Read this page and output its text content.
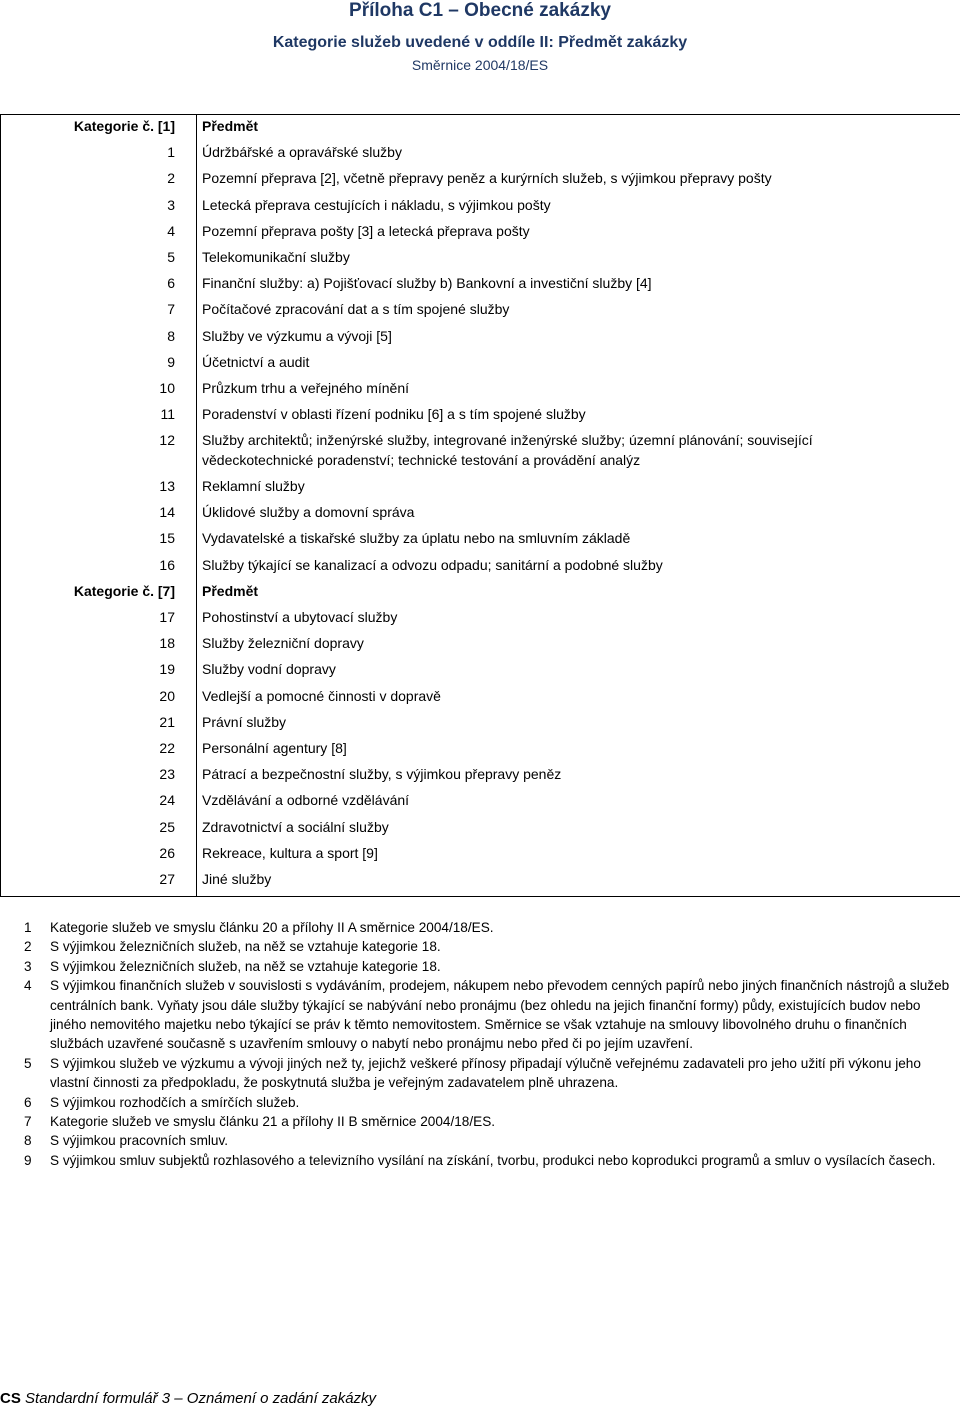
Příloha C1 – Obecné zakázky
Kategorie služeb uvedené v oddíle II: Předmět zakázky
Směrnice 2004/18/ES
Kategorie č. [1] Předmět
1 Údržbářské a opravářské služby
2 Pozemní přeprava [2], včetně přepravy peněz a kurýrních služeb, s výjimkou přepravy pošty
3 Letecká přeprava cestujících i nákladu, s výjimkou pošty
4 Pozemní přeprava pošty [3] a letecká přeprava pošty
5 Telekomunikační služby
6 Finanční služby: a) Pojišťovací služby b) Bankovní a investiční služby [4]
7 Počítačové zpracování dat a s tím spojené služby
8 Služby ve výzkumu a vývoji [5]
9 Účetnictví a audit
10 Průzkum trhu a veřejného mínění
11 Poradenství v oblasti řízení podniku [6] a s tím spojené služby
12 Služby architektů; inženýrské služby, integrované inženýrské služby; územní plánování; související vědeckotechnické poradenství; technické testování a provádění analýz
13 Reklamní služby
14 Úklidové služby a domovní správa
15 Vydavatelské a tiskařské služby za úplatu nebo na smluvním základě
16 Služby týkající se kanalizací a odvozu odpadu; sanitární a podobné služby
Kategorie č. [7] Předmět
17 Pohostinství a ubytovací služby
18 Služby železniční dopravy
19 Služby vodní dopravy
20 Vedlejší a pomocné činnosti v dopravě
21 Právní služby
22 Personální agentury [8]
23 Pátrací a bezpečnostní služby, s výjimkou přepravy peněz
24 Vzdělávání a odborné vzdělávání
25 Zdravotnictví a sociální služby
26 Rekreace, kultura a sport [9]
27 Jiné služby
1 Kategorie služeb ve smyslu článku 20 a přílohy II A směrnice 2004/18/ES.
2 S výjimkou železničních služeb, na něž se vztahuje kategorie 18.
3 S výjimkou železničních služeb, na něž se vztahuje kategorie 18.
4 S výjimkou finančních služeb v souvislosti s vydáváním, prodejem, nákupem nebo převodem cenných papírů nebo jiných finančních nástrojů a služeb centrálních bank. Vyňaty jsou dále služby týkající se nabývání nebo pronájmu (bez ohledu na jejich finanční formy) půdy, existujících budov nebo jiného nemovitého majetku nebo týkající se práv k těmto nemovitostem. Směrnice se však vztahuje na smlouvy libovolného druhu o finančních službách uzavřené současně s uzavřením smlouvy o nabytí nebo pronájmu nebo před či po jejím uzavření.
5 S výjimkou služeb ve výzkumu a vývoji jiných než ty, jejichž veškeré přínosy připadají výlučně veřejnému zadavateli pro jeho užití při výkonu jeho vlastní činnosti za předpokladu, že poskytnutá služba je veřejným zadavatelem plně uhrazena.
6 S výjimkou rozhodčích a smírčích služeb.
7 Kategorie služeb ve smyslu článku 21 a přílohy II B směrnice 2004/18/ES.
8 S výjimkou pracovních smluv.
9 S výjimkou smluv subjektů rozhlasového a televizního vysílání na získání, tvorbu, produkci nebo koprodukci programů a smluv o vysílacích časech.
CS Standardní formulář 3 – Oznámení o zadání zakázky
